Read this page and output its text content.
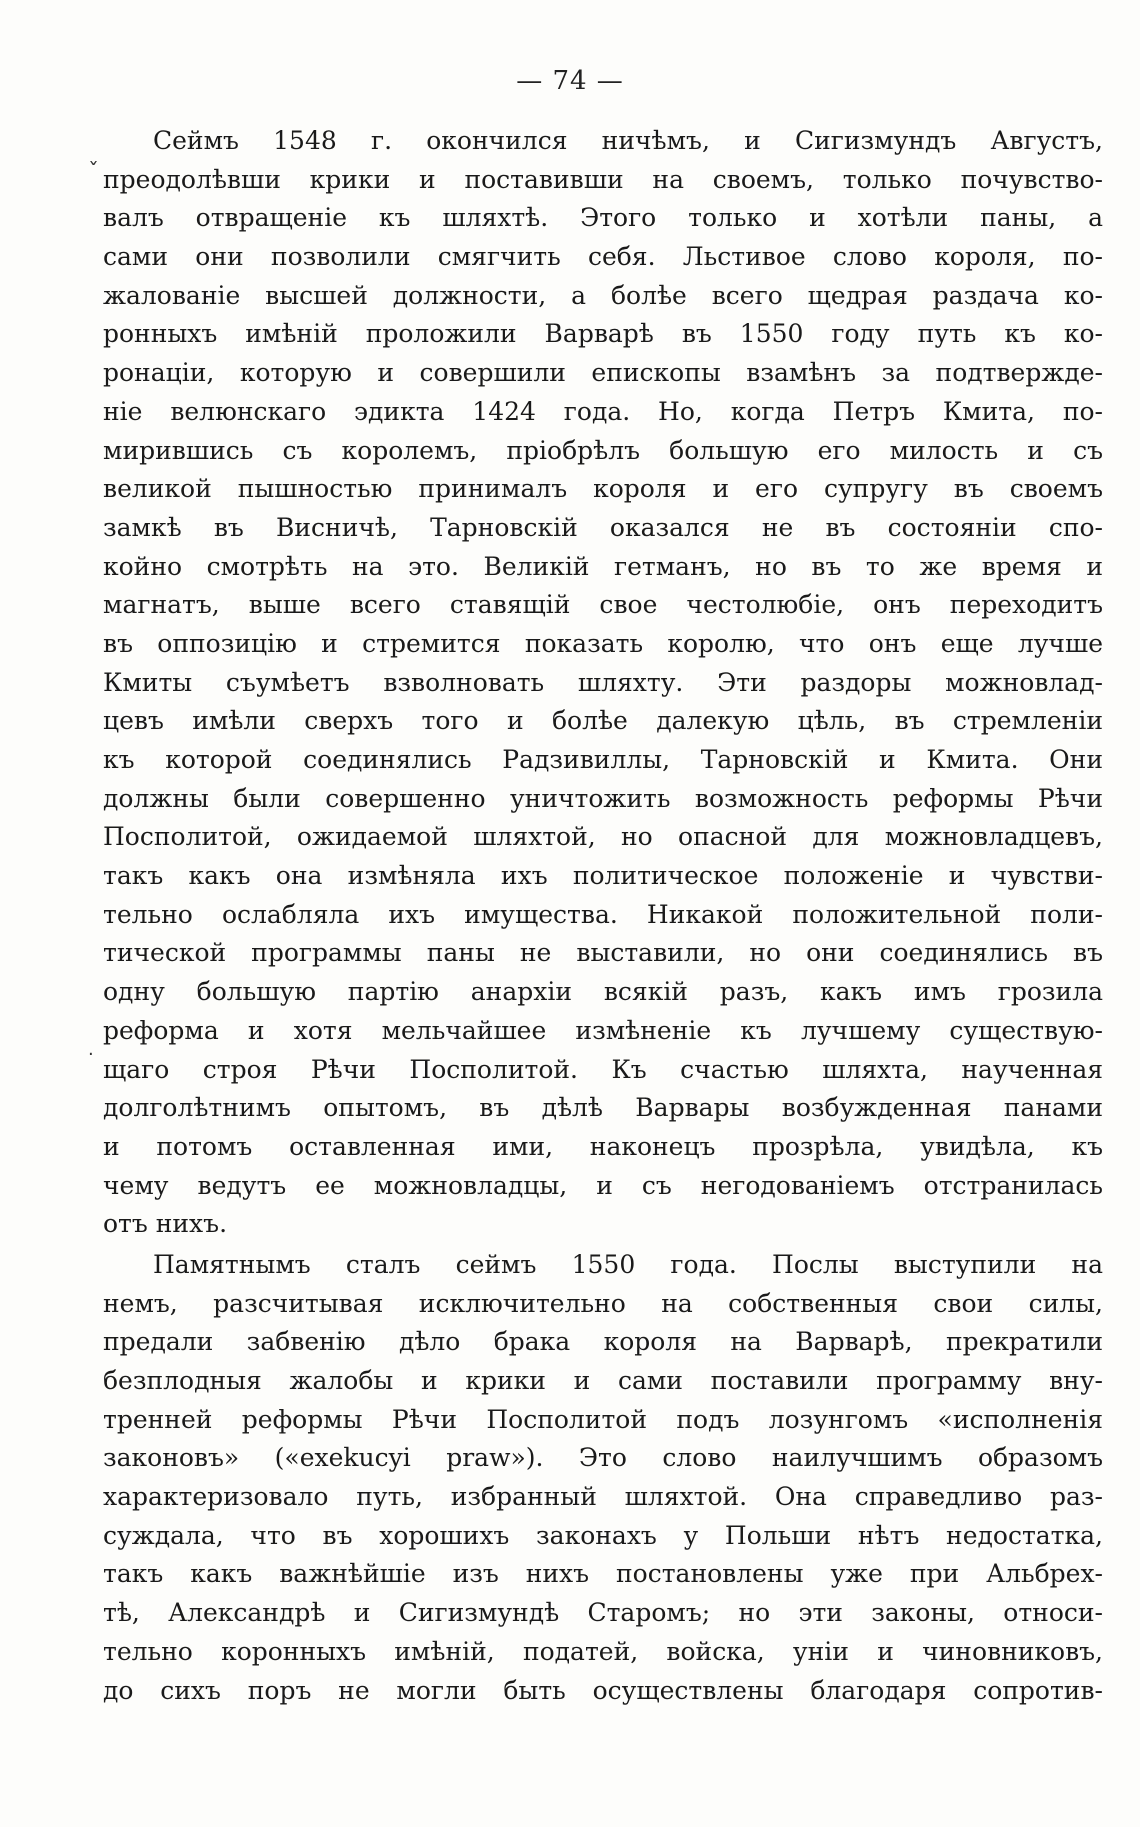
— 74 —
ˇ
·
Сеймъ 1548 г. окончился ничѣмъ, и Сигизмундъ Августъ,
преодолѣвши крики и поставивши на своемъ, только почувство-
валъ отвращеніе къ шляхтѣ. Этого только и хотѣли паны, а
сами они позволили смягчить себя. Льстивое слово короля, по-
жалованіе высшей должности, а болѣе всего щедрая раздача ко-
ронныхъ имѣній проложили Варварѣ въ 1550 году путь къ ко-
ронаціи, которую и совершили епископы взамѣнъ за подтвержде-
ніе велюнскаго эдикта 1424 года. Но, когда Петръ Кмита, по-
мирившись съ королемъ, пріобрѣлъ большую его милость и съ
великой пышностью принималъ короля и его супругу въ своемъ
замкѣ въ Висничѣ, Тарновскій оказался не въ состояніи спо-
койно смотрѣть на это. Великій гетманъ, но въ то же время и
магнатъ, выше всего ставящій свое честолюбіе, онъ переходитъ
въ оппозицію и стремится показать королю, что онъ еще лучше
Кмиты съумѣетъ взволновать шляхту. Эти раздоры можновлад-
цевъ имѣли сверхъ того и болѣе далекую цѣль, въ стремленіи
къ которой соединялись Радзивиллы, Тарновскій и Кмита. Они
должны были совершенно уничтожить возможность реформы Рѣчи
Посполитой, ожидаемой шляхтой, но опасной для можновладцевъ,
такъ какъ она измѣняла ихъ политическое положеніе и чувстви-
тельно ослабляла ихъ имущества. Никакой положительной поли-
тической программы паны не выставили, но они соединялись въ
одну большую партію анархіи всякій разъ, какъ имъ грозила
реформа и хотя мельчайшее измѣненіе къ лучшему существую-
щаго строя Рѣчи Посполитой. Къ счастью шляхта, наученная
долголѣтнимъ опытомъ, въ дѣлѣ Варвары возбужденная панами
и потомъ оставленная ими, наконецъ прозрѣла, увидѣла, къ
чему ведутъ ее можновладцы, и съ негодованіемъ отстранилась
отъ нихъ.
Памятнымъ сталъ сеймъ 1550 года. Послы выступили на
немъ, разсчитывая исключительно на собственныя свои силы,
предали забвенію дѣло брака короля на Варварѣ, прекратили
безплодныя жалобы и крики и сами поставили программу вну-
тренней реформы Рѣчи Посполитой подъ лозунгомъ «исполненія
законовъ» («exekucyi praw»). Это слово наилучшимъ образомъ
характеризовало путь, избранный шляхтой. Она справедливо раз-
суждала, что въ хорошихъ законахъ у Польши нѣтъ недостатка,
такъ какъ важнѣйшіе изъ нихъ постановлены уже при Альбрех-
тѣ, Александрѣ и Сигизмундѣ Старомъ; но эти законы, относи-
тельно коронныхъ имѣній, податей, войска, уніи и чиновниковъ,
до сихъ поръ не могли быть осуществлены благодаря сопротив-
